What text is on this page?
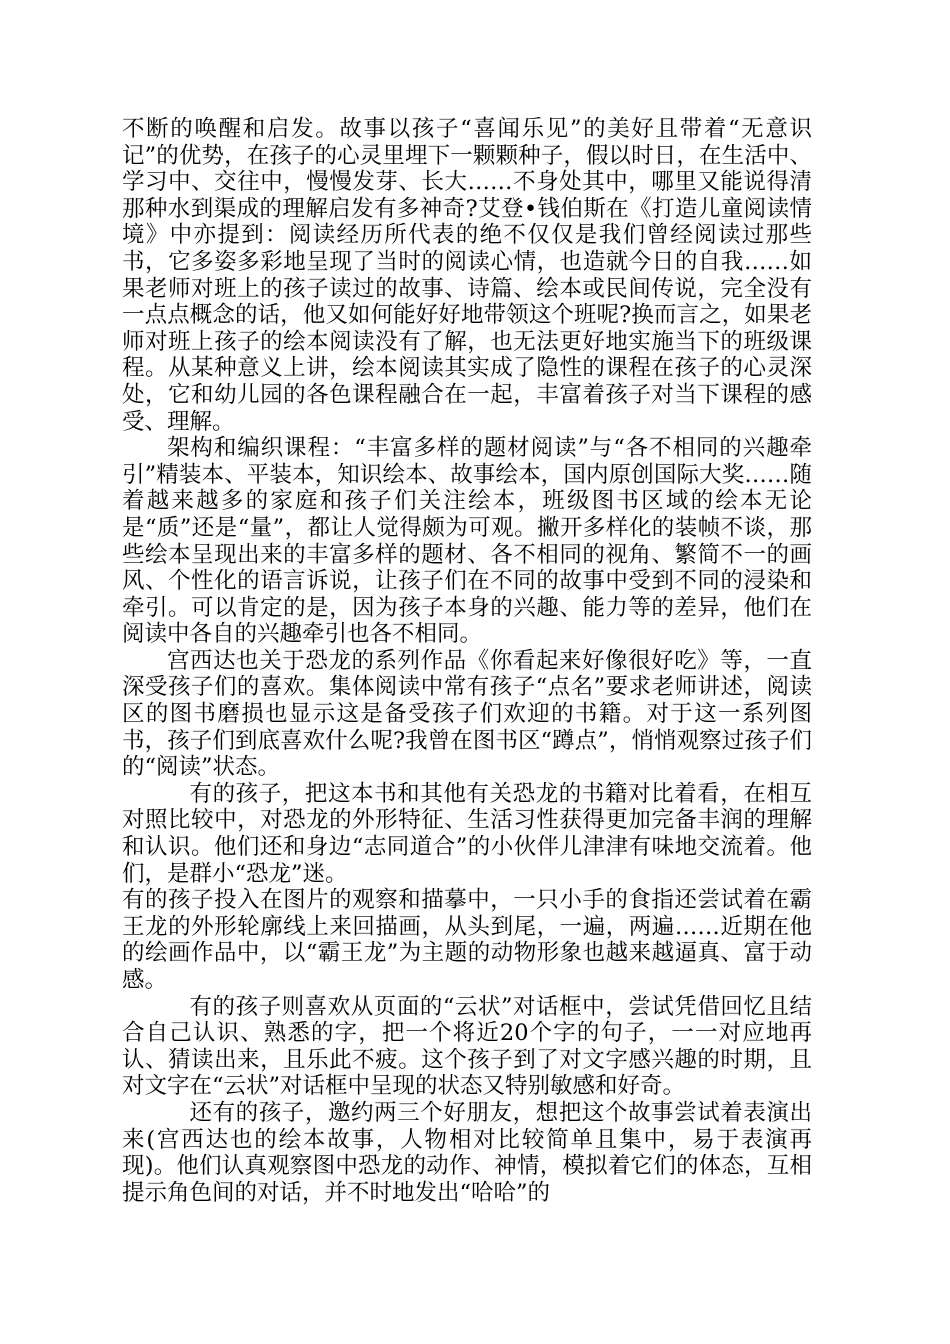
不断的唤醒和启发。故事以孩子“喜闻乐见”的美好且带着“无意识记”的优势，在孩子的心灵里埋下一颗颗种子，假以时日，在生活中、学习中、交往中，慢慢发芽、长大……不身处其中，哪里又能说得清那种水到渠成的理解启发有多神奇?艾登•钱伯斯在《打造儿童阅读情境》中亦提到：阅读经历所代表的绝不仅仅是我们曾经阅读过那些书，它多姿多彩地呈现了当时的阅读心情，也造就今日的自我……如果老师对班上的孩子读过的故事、诗篇、绘本或民间传说，完全没有一点点概念的话，他又如何能好好地带领这个班呢?换而言之，如果老师对班上孩子的绘本阅读没有了解，也无法更好地实施当下的班级课程。从某种意义上讲，绘本阅读其实成了隐性的课程在孩子的心灵深处，它和幼儿园的各色课程融合在一起，丰富着孩子对当下课程的感受、理解。

架构和编织课程：“丰富多样的题材阅读”与“各不相同的兴趣牵引”精装本、平装本，知识绘本、故事绘本，国内原创国际大奖……随着越来越多的家庭和孩子们关注绘本，班级图书区域的绘本无论是“质”还是“量”，都让人觉得颇为可观。撇开多样化的装帧不谈，那些绘本呈现出来的丰富多样的题材、各不相同的视角、繁简不一的画风、个性化的语言诉说，让孩子们在不同的故事中受到不同的浸染和牵引。可以肯定的是，因为孩子本身的兴趣、能力等的差异，他们在阅读中各自的兴趣牵引也各不相同。

宫西达也关于恐龙的系列作品《你看起来好像很好吃》等，一直深受孩子们的喜欢。集体阅读中常有孩子“点名”要求老师讲述，阅读区的图书磨损也显示这是备受孩子们欢迎的书籍。对于这一系列图书，孩子们到底喜欢什么呢?我曾在图书区“蹲点”，悄悄观察过孩子们的“阅读”状态。

有的孩子，把这本书和其他有关恐龙的书籍对比着看，在相互对照比较中，对恐龙的外形特征、生活习性获得更加完备丰润的理解和认识。他们还和身边“志同道合”的小伙伴儿津津有味地交流着。他们，是群小“恐龙”迷。

有的孩子投入在图片的观察和描摹中，一只小手的食指还尝试着在霸王龙的外形轮廓线上来回描画，从头到尾，一遍，两遍……近期在他的绘画作品中，以“霸王龙”为主题的动物形象也越来越逼真、富于动感。

有的孩子则喜欢从页面的“云状”对话框中，尝试凭借回忆且结合自己认识、熟悉的字，把一个将近20个字的句子，一一对应地再认、猜读出来，且乐此不疲。这个孩子到了对文字感兴趣的时期，且对文字在“云状”对话框中呈现的状态又特别敏感和好奇。

还有的孩子，邀约两三个好朋友，想把这个故事尝试着表演出来(宫西达也的绘本故事，人物相对比较简单且集中，易于表演再现)。他们认真观察图中恐龙的动作、神情，模拟着它们的体态，互相提示角色间的对话，并不时地发出“哈哈”的
